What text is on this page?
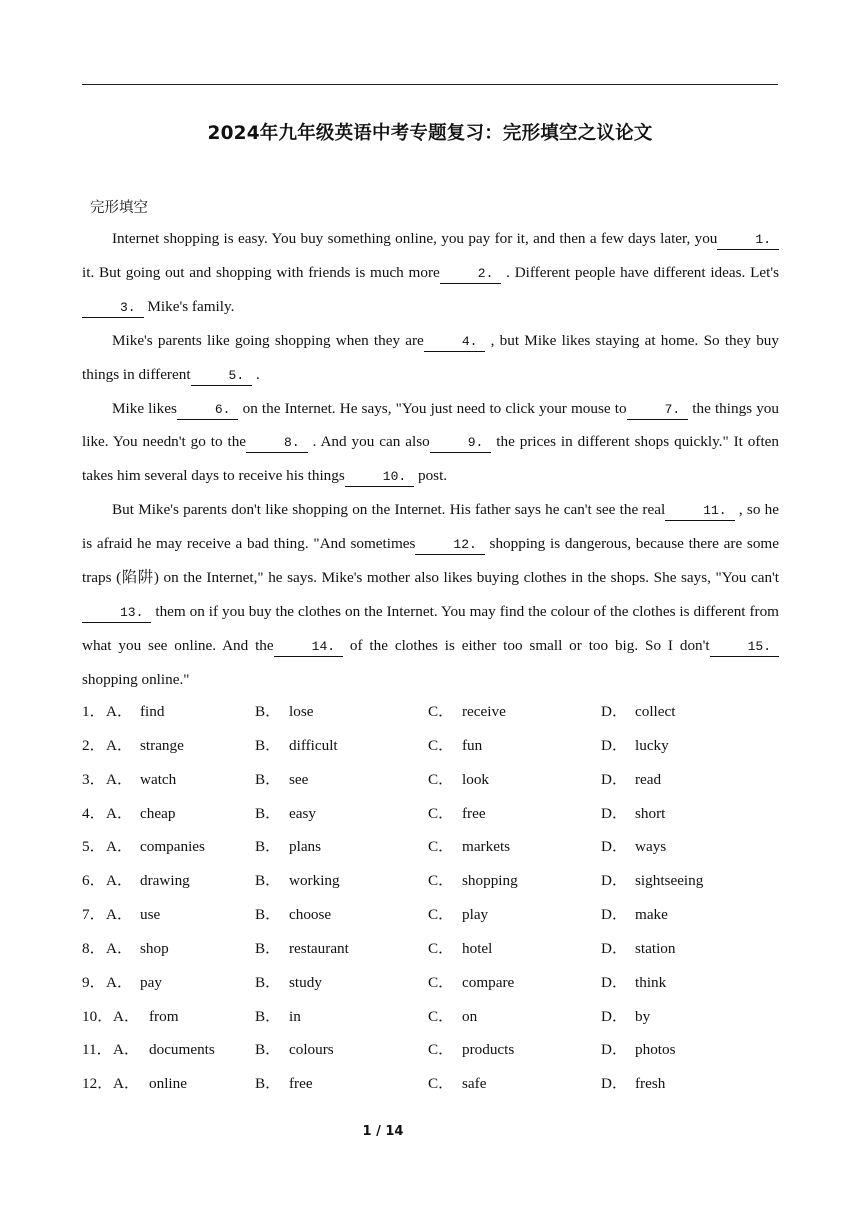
2024年九年级英语中考专题复习：完形填空之议论文
完形填空

Internet shopping is easy. You buy something online, you pay for it, and then a few days later, you	1. it. But going out and shopping with friends is much more	2. . Different people have different ideas. Let's3. Mike's family.

Mike's parents like going shopping when they are	4. , but Mike likes staying at home. So they buy things in different	5. .

Mike likes	6. on the Internet. He says, "You just need to click your mouse to	7. the things you like. You needn't go to the	8. . And you can also	9. the prices in different shops quickly." It often takes him several days to receive his things	10. post.

But Mike's parents don't like shopping on the Internet. His father says he can't see the real	11. , so he is afraid he may receive a bad thing. "And sometimes	12. shopping is dangerous, because there are some traps (陷阱) on the Internet," he says. Mike's mother also likes buying clothes in the shops. She says, "You can't13. them on if you buy the clothes on the Internet. You may find the colour of the clothes is different from what you see online. And the	14. of the clothes is either too small or too big. So I don't	15. shopping online."

1． A． find	B． lose	C． receive	D． collect
2． A． strange	B． difficult	C． fun	D． lucky
3． A． watch	B． see	C． look	D． read
4． A． cheap	B． easy	C． free	D． short
5． A． companies	B． plans	C． markets	D． ways
6． A． drawing	B． working	C． shopping	D． sightseeing
7． A． use	B． choose	C． play	D． make
8． A． shop	B． restaurant	C． hotel	D． station
9． A． pay	B． study	C． compare	D． think
10． A． from	B． in	C． on	D． by
11． A． documents	B． colours	C． products	D． photos
12． A． online	B． free	C． safe	D． fresh
1 / 14
